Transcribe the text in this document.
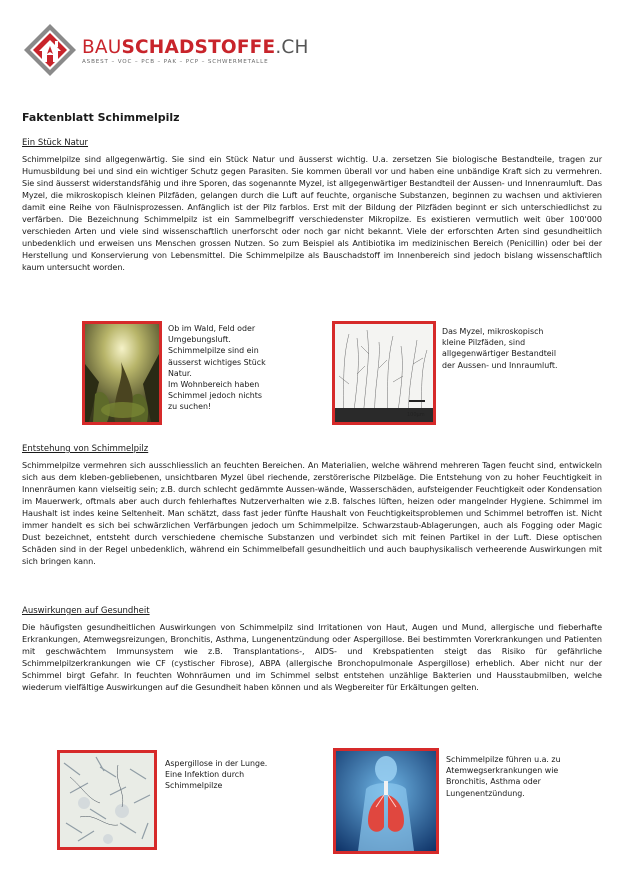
BAUSCHADSTOFFE.CH
ASBEST – VOC – PCB – PAK – PCP – SCHWERMETALLE
Faktenblatt Schimmelpilz
Ein Stück Natur

Schimmelpilze sind allgegenwärtig. Sie sind ein Stück Natur und äusserst wichtig. U.a. zersetzen Sie biologische Bestandteile, tragen zur Humusbildung bei und sind ein wichtiger Schutz gegen Parasiten. Sie kommen überall vor und haben eine unbändige Kraft sich zu vermehren. Sie sind äusserst widerstandsfähig und ihre Sporen, das sogenannte Myzel, ist allgegenwärtiger Bestandteil der Aussen- und Innenraumluft. Das Myzel, die mikroskopisch kleinen Pilzfäden, gelangen durch die Luft auf feuchte, organische Substanzen, beginnen zu wachsen und aktivieren damit eine Reihe von Fäulnisprozessen. Anfänglich ist der Pilz farblos. Erst mit der Bildung der Pilzfäden beginnt er sich unterschiedlichst zu verfärben. Die Bezeichnung Schimmelpilz ist ein Sammelbegriff verschiedenster Mikropilze. Es existieren vermutlich weit über 100'000 verschieden Arten und viele sind wissenschaftlich unerforscht oder noch gar nicht bekannt. Viele der erforschten Arten sind gesundheitlich unbedenklich und erweisen uns Menschen grossen Nutzen. So zum Beispiel als Antibiotika im medizinischen Bereich (Penicillin) oder bei der Herstellung und Konservierung von Lebensmittel. Die Schimmelpilze als Bauschadstoff im Innenbereich sind jedoch bislang wissenschaftlich kaum untersucht worden.

Ob im Wald, Feld oder
Umgebungsluft.
Schimmelpilze sind ein
äusserst wichtiges Stück
Natur.
Im Wohnbereich haben
Schimmel jedoch nichts
zu suchen!
100µm
Das Myzel, mikroskopisch
kleine Pilzfäden, sind
allgegenwärtiger Bestandteil
der Aussen- und Innraumluft.
Entstehung von Schimmelpilz

Schimmelpilze vermehren sich ausschliesslich an feuchten Bereichen. An Materialien, welche während mehreren Tagen feucht sind, entwickeln sich aus dem kleben-gebliebenen, unsichtbaren Myzel übel riechende, zerstörerische Pilzbeläge. Die Entstehung von zu hoher Feuchtigkeit in Innenräumen kann vielseitig sein; z.B. durch schlecht gedämmte Aussen-wände, Wasserschäden, aufsteigender Feuchtigkeit oder Kondensation im Mauerwerk, oftmals aber auch durch fehlerhaftes Nutzerverhalten wie z.B. falsches lüften, heizen oder mangelnder Hygiene. Schimmel im Haushalt ist indes keine Seltenheit. Man schätzt, dass fast jeder fünfte Haushalt von Feuchtigkeitsproblemen und Schimmel betroffen ist. Nicht immer handelt es sich bei schwärzlichen Verfärbungen jedoch um Schimmelpilze. Schwarzstaub-Ablagerungen, auch als Fogging oder Magic Dust bezeichnet, entsteht durch verschiedene chemische Substanzen und verbindet sich mit feinen Partikel in der Luft. Diese optischen Schäden sind in der Regel unbedenklich, während ein Schimmelbefall gesundheitlich und auch bauphysikalisch verheerende Auswirkungen mit sich bringen kann.

Auswirkungen auf Gesundheit

Die häufigsten gesundheitlichen Auswirkungen von Schimmelpilz sind Irritationen von Haut, Augen und Mund, allergische und fieberhafte Erkrankungen, Atemwegsreizungen, Bronchitis, Asthma, Lungenentzündung oder Aspergillose. Bei bestimmten Vorerkrankungen und Patienten mit geschwächtem Immunsystem wie z.B. Transplantations-, AIDS- und Krebspatienten steigt das Risiko für gefährliche Schimmelpilzerkrankungen wie CF (cystischer Fibrose), ABPA (allergische Bronchopulmonale Aspergillose) erheblich. Aber nicht nur der Schimmel birgt Gefahr. In feuchten Wohnräumen und im Schimmel selbst entstehen unzählige Bakterien und Hausstaubmilben, welche wiederum vielfältige Auswirkungen auf die Gesundheit haben können und als Wegbereiter für Erkältungen gelten.

Aspergillose in der Lunge.
Eine Infektion durch
Schimmelpilze
Schimmelpilze führen u.a. zu
Atemwegserkrankungen wie
Bronchitis, Asthma oder
Lungenentzündung.
